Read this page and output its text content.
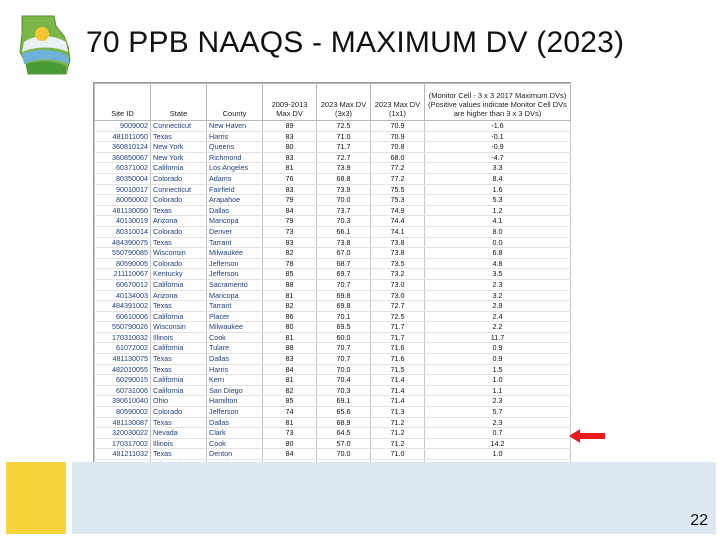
70 PPB NAAQS - MAXIMUM DV (2023)
Site ID	State	County	2009-2013 Max DV	2023 Max DV (3x3)	2023 Max DV (1x1)	(Monitor Cell - 3 x 3 2017 Maximum DVs) (Positive values indicate Monitor Cell DVs are higher than 3 x 3 DVs)
9009002	Connecticut	New Haven	89	72.5	70.9	-1.6
481011050	Texas	Harris	83	71.0	70.9	-0.1
360810124	New York	Queens	80	71.7	70.8	-0.9
360850067	New York	Richmond	83	72.7	68.0	-4.7
60371002	California	Los Angeles	81	73.9	77.2	3.3
80350004	Colorado	Adams	76	68.8	77.2	8.4
90010017	Connecticut	Fairfield	83	73.9	75.5	1.6
80050002	Colorado	Arapahoe	79	70.0	75.3	5.3
481130050	Texas	Dallas	84	73.7	74.9	1.2
40130019	Arizona	Maricopa	79	70.3	74.4	4.1
80310014	Colorado	Denver	73	66.1	74.1	8.0
484390075	Texas	Tarrant	83	73.8	73.8	0.0
550790085	Wisconsin	Milwaukee	82	67.0	73.8	6.8
80590005	Colorado	Jefferson	78	68.7	73.5	4.8
211110067	Kentucky	Jefferson	85	69.7	73.2	3.5
60670012	California	Sacramento	88	70.7	73.0	2.3
40134003	Arizona	Maricopa	81	69.8	73.0	3.2
484391002	Texas	Tarrant	82	69.8	72.7	2.9
60610006	California	Placer	86	70.1	72.5	2.4
550790026	Wisconsin	Milwaukee	80	69.5	71.7	2.2
170310032	Illinois	Cook	81	60.0	71.7	11.7
61072002	California	Tulare	88	70.7	71.6	0.9
481130075	Texas	Dallas	83	70.7	71.6	0.9
482010055	Texas	Harris	84	70.0	71.5	1.5
60290015	California	Kern	81	70.4	71.4	1.0
60731006	California	San Diego	82	70.3	71.4	1.1
390610040	Ohio	Hamilton	85	69.1	71.4	2.3
80590002	Colorado	Jefferson	74	65.6	71.3	5.7
481130087	Texas	Dallas	81	68.9	71.2	2.3
320030022	Nevada	Clark	73	64.5	71.2	0.7
170317002	Illinois	Cook	80	57.0	71.2	14.2
481211032	Texas	Denton	84	70.0	71.0	1.0

22
